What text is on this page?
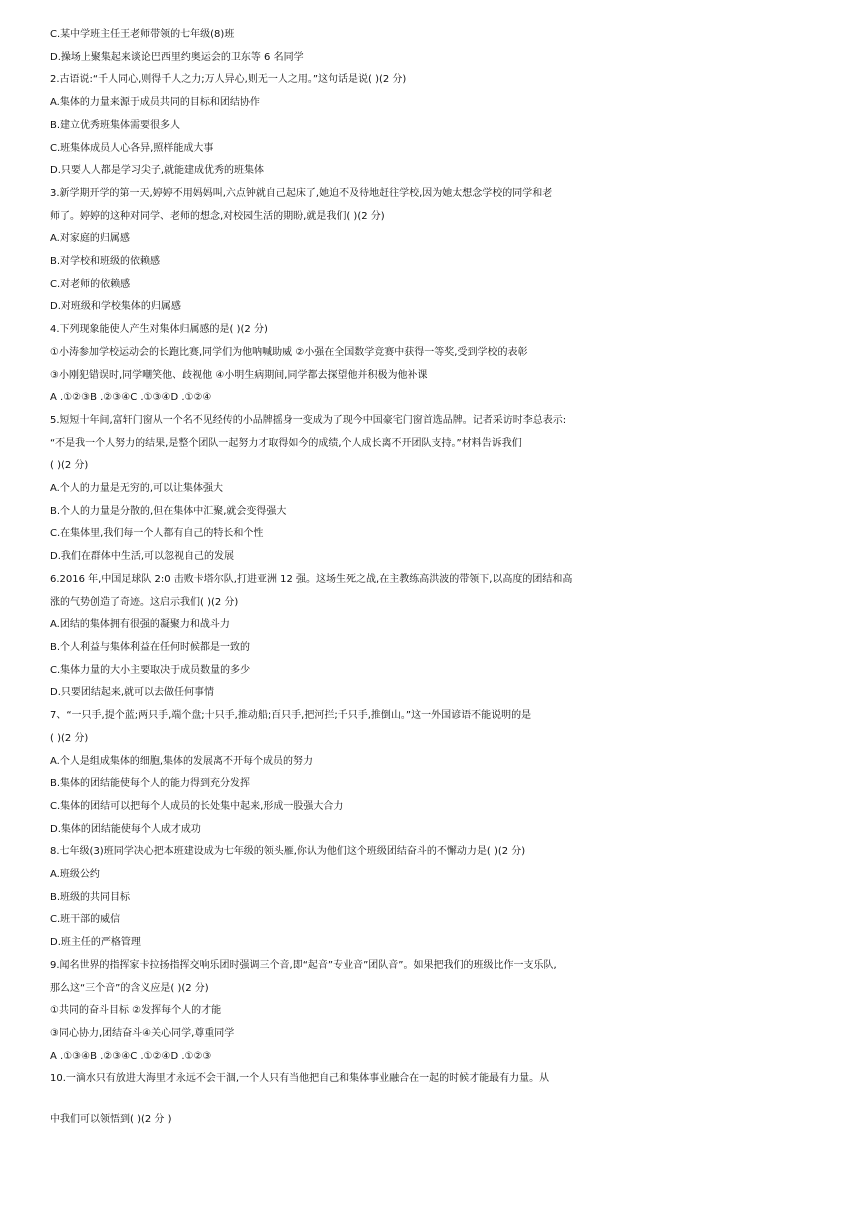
C.某中学班主任王老师带领的七年级(8)班
D.操场上聚集起来谈论巴西里约奥运会的卫东等 6 名同学
2.古语说:“千人同心,则得千人之力;万人异心,则无一人之用。”这句话是说( )(2 分)
A.集体的力量来源于成员共同的目标和团结协作
B.建立优秀班集体需要很多人
C.班集体成员人心各异,照样能成大事
D.只要人人都是学习尖子,就能建成优秀的班集体
3.新学期开学的第一天,婷婷不用妈妈叫,六点钟就自己起床了,她迫不及待地赶往学校,因为她太想念学校的同学和老
师了。婷婷的这种对同学、老师的想念,对校园生活的期盼,就是我们( )(2 分)
A.对家庭的归属感
B.对学校和班级的依赖感
C.对老师的依赖感
D.对班级和学校集体的归属感
4.下列现象能使人产生对集体归属感的是( )(2 分)
①小涛参加学校运动会的长跑比赛,同学们为他呐喊助威 ②小强在全国数学竞赛中获得一等奖,受到学校的表彰
③小刚犯错误时,同学嘲笑他、歧视他 ④小明生病期间,同学都去探望他并积极为他补课
A .①②③B .②③④C .①③④D .①②④
5.短短十年间,富轩门窗从一个名不见经传的小品牌摇身一变成为了现今中国豪宅门窗首选品牌。记者采访时李总表示:
“不是我一个人努力的结果,是整个团队一起努力才取得如今的成绩,个人成长离不开团队支持。”材料告诉我们
( )(2 分)
A.个人的力量是无穷的,可以让集体强大
B.个人的力量是分散的,但在集体中汇聚,就会变得强大
C.在集体里,我们每一个人都有自己的特长和个性
D.我们在群体中生活,可以忽视自己的发展
6.2016 年,中国足球队 2:0 击败卡塔尔队,打进亚洲 12 强。这场生死之战,在主教练高洪波的带领下,以高度的团结和高
涨的气势创造了奇迹。这启示我们( )(2 分)
A.团结的集体拥有很强的凝聚力和战斗力
B.个人利益与集体利益在任何时候都是一致的
C.集体力量的大小主要取决于成员数量的多少
D.只要团结起来,就可以去做任何事情
7、“一只手,提个蓝;两只手,端个盘;十只手,推动船;百只手,把河拦;千只手,推倒山。”这一外国谚语不能说明的是
( )(2 分)
A.个人是组成集体的细胞,集体的发展离不开每个成员的努力
B.集体的团结能使每个人的能力得到充分发挥
C.集体的团结可以把每个人成员的长处集中起来,形成一股强大合力
D.集体的团结能使每个人成才成功
8.七年级(3)班同学决心把本班建设成为七年级的领头雁,你认为他们这个班级团结奋斗的不懈动力是( )(2 分)
A.班级公约
B.班级的共同目标
C.班干部的威信
D.班主任的严格管理
9.闻名世界的指挥家卡拉扬指挥交响乐团时强调三个音,即“起音”专业音”团队音”。如果把我们的班级比作一支乐队,
那么这“三个音”的含义应是( )(2 分)
①共同的奋斗目标 ②发挥每个人的才能
③同心协力,团结奋斗④关心同学,尊重同学
A .①③④B .②③④C .①②④D .①②③
10.一滴水只有放进大海里才永远不会干涸,一个人只有当他把自己和集体事业融合在一起的时候才能最有力量。从
中我们可以领悟到( )(2 分 )
